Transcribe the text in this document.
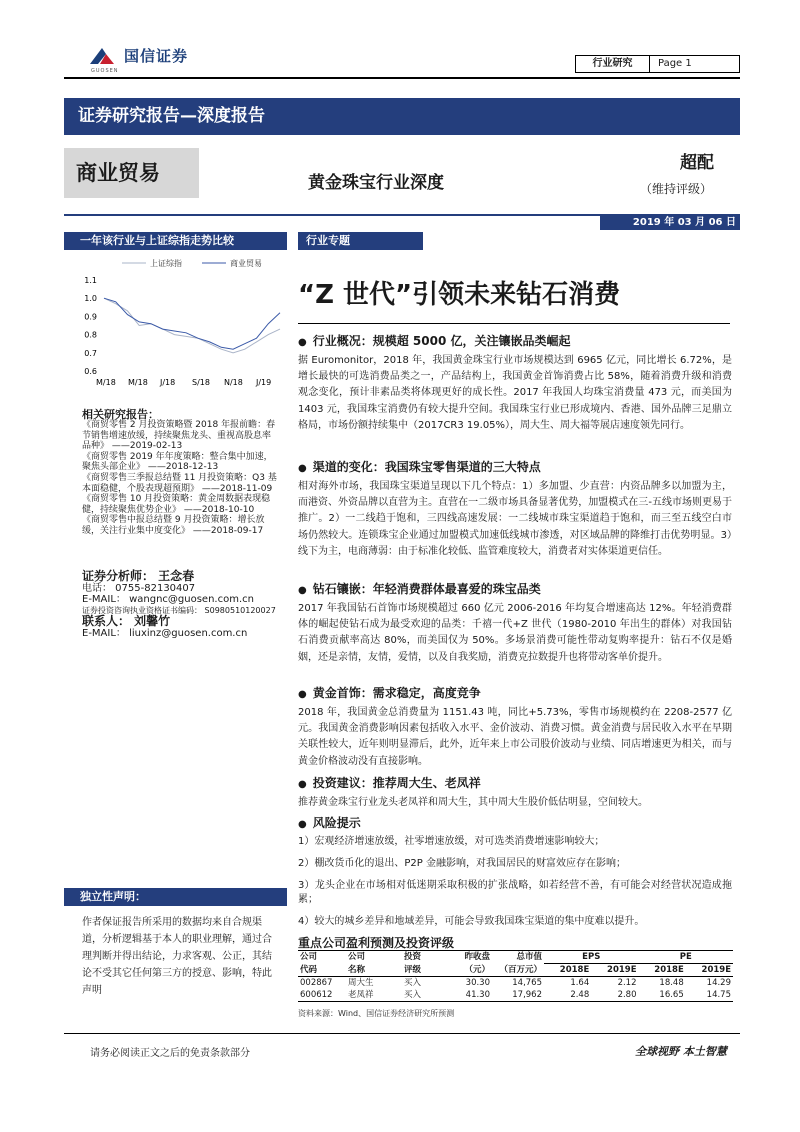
国信证券
GUOSEN
行业研究	Page 1
证券研究报告—深度报告
商业贸易	黄金珠宝行业深度
超配
（维持评级）
2019 年 03 月 06 日
一年该行业与上证综指走势比较	行业专题
上证综指	商业贸易
1.1
1.0
0.9
0.8
0.7
0.6
M/18 M/18 J/18 S/18 N/18 J/19
“Z 世代”引领未来钻石消费
相关研究报告：
《商贸零售 2 月投资策略暨 2018 年报前瞻：春节销售增速放缓，持续聚焦龙头、重视高股息率品种》 ——2019-02-13
《商贸零售 2019 年年度策略：整合集中加速，聚焦头部企业》 ——2018-12-13
《商贸零售三季报总结暨 11 月投资策略：Q3 基本面稳健，个股表现超预期》 ——2018-11-09
《商贸零售 10 月投资策略：黄金周数据表现稳健，持续聚焦优势企业》 ——2018-10-10
《商贸零售中报总结暨 9 月投资策略：增长放缓，关注行业集中度变化》 ——2018-09-17
证券分析师： 王念春
电话： 0755-82130407
E-MAIL： wangnc@guosen.com.cn
证券投资咨询执业资格证书编码： S0980510120027
联系人： 刘馨竹
E-MAIL： liuxinz@guosen.com.cn
独立性声明：
作者保证报告所采用的数据均来自合规渠道，分析逻辑基于本人的职业理解，通过合理判断并得出结论，力求客观、公正，其结论不受其它任何第三方的授意、影响，特此声明
● 行业概况：规模超 5000 亿，关注镶嵌品类崛起

据 Euromonitor，2018 年，我国黄金珠宝行业市场规模达到 6965 亿元，同比增长 6.72%，是增长最快的可选消费品类之一，产品结构上，我国黄金首饰消费占比 58%，随着消费升级和消费观念变化，预计非素品类将体现更好的成长性。2017 年我国人均珠宝消费量 473 元，而美国为 1403 元，我国珠宝消费仍有较大提升空间。我国珠宝行业已形成境内、香港、国外品牌三足鼎立格局，市场份额持续集中（2017CR3 19.05%），周大生、周大福等展店速度领先同行。

● 渠道的变化：我国珠宝零售渠道的三大特点

相对海外市场，我国珠宝渠道呈现以下几个特点：1）多加盟、少直营：内资品牌多以加盟为主，而港资、外资品牌以直营为主。直营在一二级市场具备显著优势，加盟模式在三-五线市场则更易于推广。2）一二线趋于饱和，三四线高速发展：一二线城市珠宝渠道趋于饱和，而三至五线空白市场仍然较大。连锁珠宝企业通过加盟模式加速低线城市渗透，对区域品牌的降维打击优势明显。3）线下为主，电商薄弱：由于标准化较低、监管难度较大，消费者对实体渠道更信任。

● 钻石镶嵌：年轻消费群体最喜爱的珠宝品类

2017 年我国钻石首饰市场规模超过 660 亿元 2006-2016 年均复合增速高达 12%。年轻消费群体的崛起使钻石成为最受欢迎的品类：千禧一代+Z 世代（1980-2010 年出生的群体）对我国钻石消费贡献率高达 80%，而美国仅为 50%。多场景消费可能性带动复购率提升：钻石不仅是婚姻，还是亲情，友情，爱情，以及自我奖励，消费克拉数提升也将带动客单价提升。

● 黄金首饰：需求稳定，高度竞争

2018 年，我国黄金总消费量为 1151.43 吨，同比+5.73%，零售市场规模约在 2208-2577 亿元。我国黄金消费影响因素包括收入水平、金价波动、消费习惯。黄金消费与居民收入水平在早期关联性较大，近年则明显滞后，此外，近年来上市公司股价波动与业绩、同店增速更为相关，而与黄金价格波动没有直接影响。

● 投资建议：推荐周大生、老凤祥

推荐黄金珠宝行业龙头老凤祥和周大生，其中周大生股价低估明显，空间较大。

● 风险提示

1）宏观经济增速放缓，社零增速放缓，对可选类消费增速影响较大；

2）棚改货币化的退出、P2P 金融影响，对我国居民的财富效应存在影响；

3）龙头企业在市场相对低迷期采取积极的扩张战略，如若经营不善，有可能会对经营状况造成拖累；

4）较大的城乡差异和地域差异，可能会导致我国珠宝渠道的集中度难以提升。

重点公司盈利预测及投资评级
公司	公司	投资	昨收盘	总市值	EPS		PE	
代码	名称	评级	（元）	（百万元）	2018E	2019E	2018E	2019E
002867	周大生	买入	30.30	14,765	1.64	2.12	18.48	14.29
600612	老凤祥	买入	41.30	17,962	2.48	2.80	16.65	14.75
资料来源：Wind、国信证券经济研究所预测
请务必阅读正文之后的免责条款部分	全球视野 本土智慧
